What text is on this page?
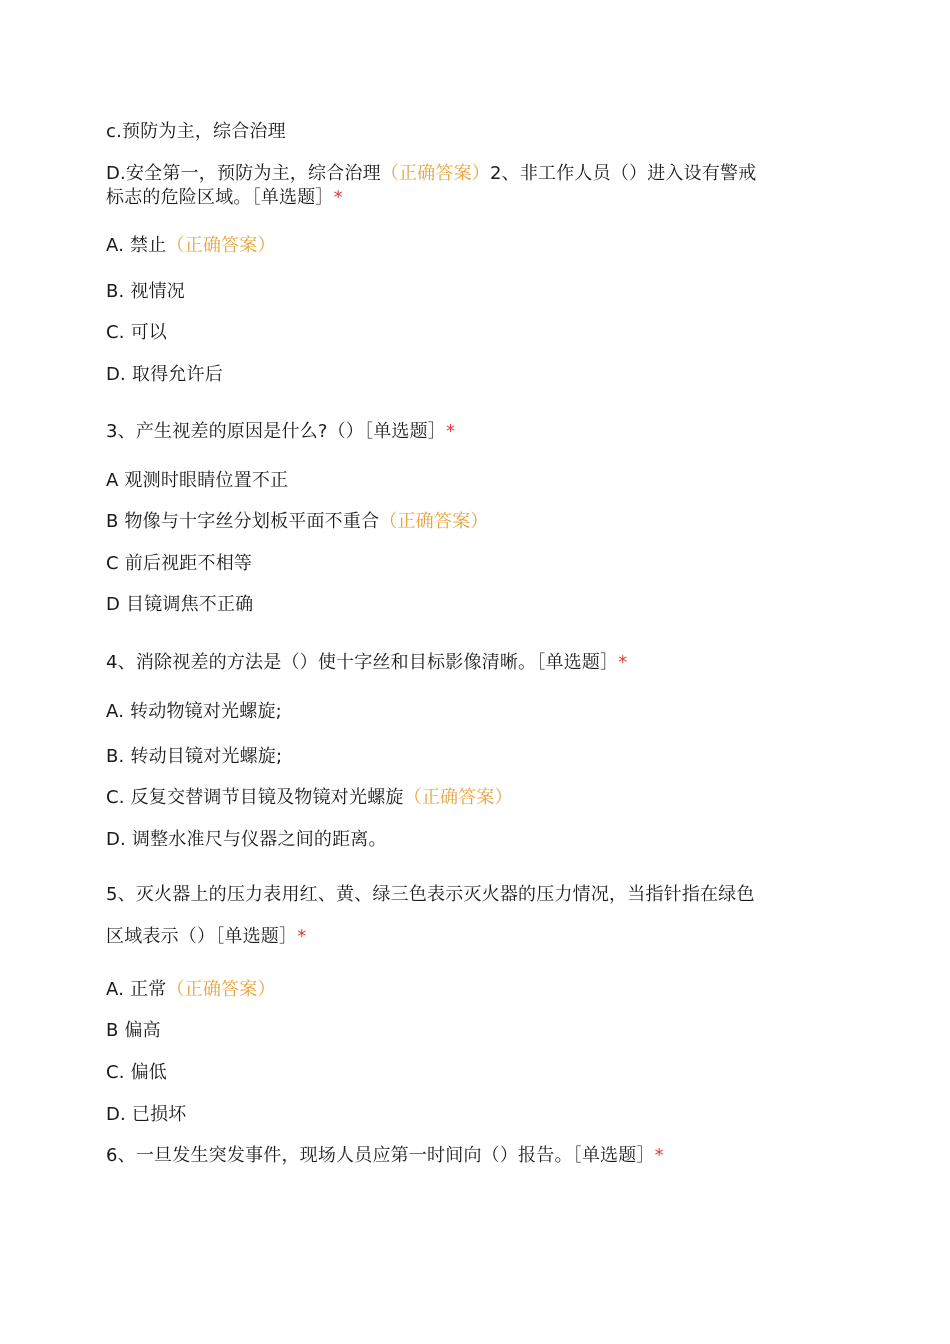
c.预防为主，综合治理
D.安全第一，预防为主，综合治理（正确答案）2、非工作人员（）进入设有警戒
标志的危险区域。［单选题］*
A. 禁止（正确答案）
B. 视情况
C. 可以
D. 取得允许后
3、产生视差的原因是什么?（）［单选题］*
A 观测时眼睛位置不正
B 物像与十字丝分划板平面不重合（正确答案）
C 前后视距不相等
D 目镜调焦不正确
4、消除视差的方法是（）使十字丝和目标影像清晰。［单选题］*
A. 转动物镜对光螺旋;
B. 转动目镜对光螺旋;
C. 反复交替调节目镜及物镜对光螺旋（正确答案）
D. 调整水准尺与仪器之间的距离。
5、灭火器上的压力表用红、黄、绿三色表示灭火器的压力情况，当指针指在绿色
区域表示（）［单选题］*
A. 正常（正确答案）
B 偏高
C. 偏低
D. 已损坏
6、一旦发生突发事件，现场人员应第一时间向（）报告。［单选题］*
